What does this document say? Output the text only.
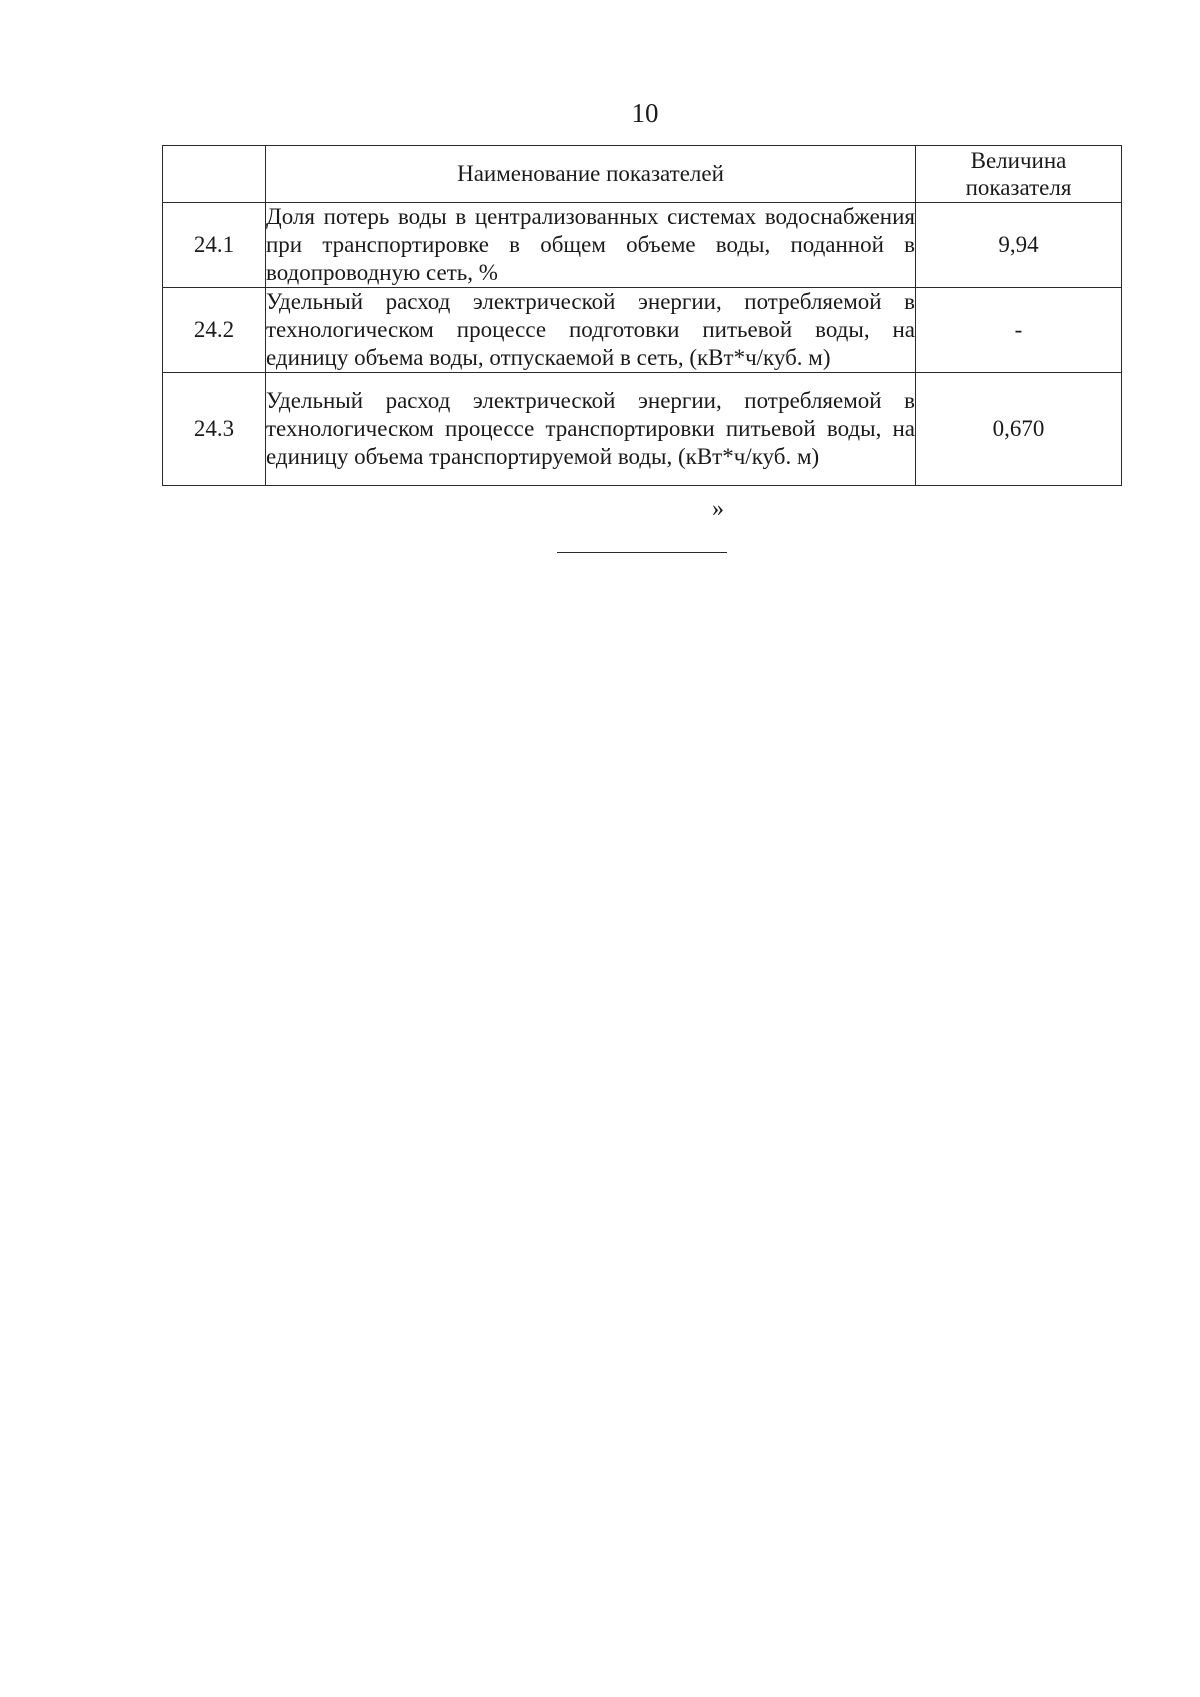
10
	Наименование показателей	Величина показателя
24.1	Доля потерь воды в централизованных системах водоснабжения при транспортировке в общем объеме воды, поданной в водопроводную сеть, %	9,94
24.2	Удельный расход электрической энергии, потребляемой в технологическом процессе подготовки питьевой воды, на единицу объема воды, отпускаемой в сеть, (кВт*ч/куб. м)	-
24.3	Удельный расход электрической энергии, потребляемой в технологическом процессе транспортировки питьевой воды, на единицу объема транспортируемой воды, (кВт*ч/куб. м)	0,670
»
